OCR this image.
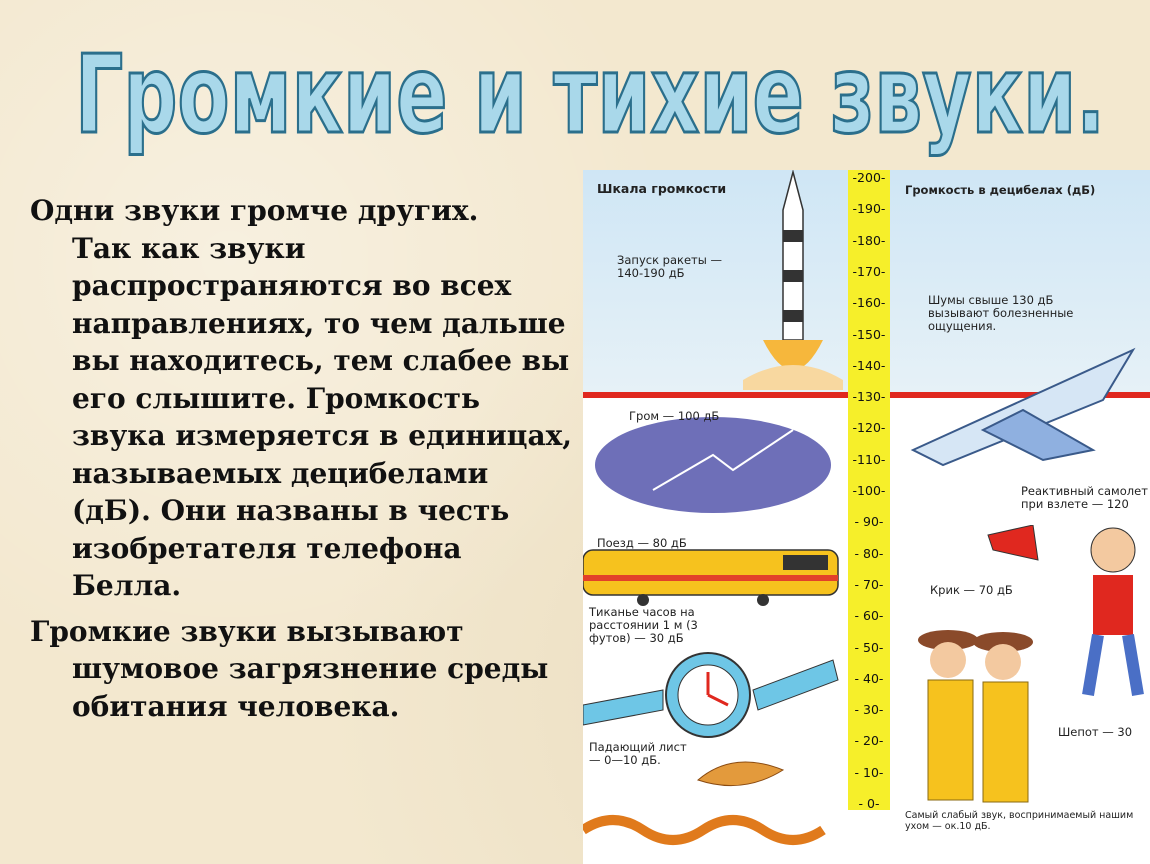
Громкие и тихие звуки.

Одни звуки громче других.
Так как звуки распространяются во всех направлениях, то чем дальше вы находитесь, тем слабее вы его слышите. Громкость звука измеряется в единицах, называемых децибелами (дБ). Они названы в честь изобретателя телефона Белла.

Громкие звуки вызывают
шумовое загрязнение среды обитания человека.

-200-
-190-
-180-
-170-
-160-
-150-
-140-
-130-
-120-
-110-
-100-
- 90-
- 80-
- 70-
- 60-
- 50-
- 40-
- 30-
- 20-
- 10-
- 0-
Шкала громкости	Громкость в децибелах (дБ)
Запуск ракеты — 140-190 дБ
Шумы свыше 130 дБ вызывают болезненные ощущения.
Гром — 100 дБ
Реактивный самолет при взлете — 120
Поезд — 80 дБ
Крик — 70 дБ
Тиканье часов на расстоянии 1 м (3 футов) — 30 дБ
Шепот — 30
Падающий лист — 0—10 дБ.
Самый слабый звук, воспринимаемый нашим ухом — ок.10 дБ.
